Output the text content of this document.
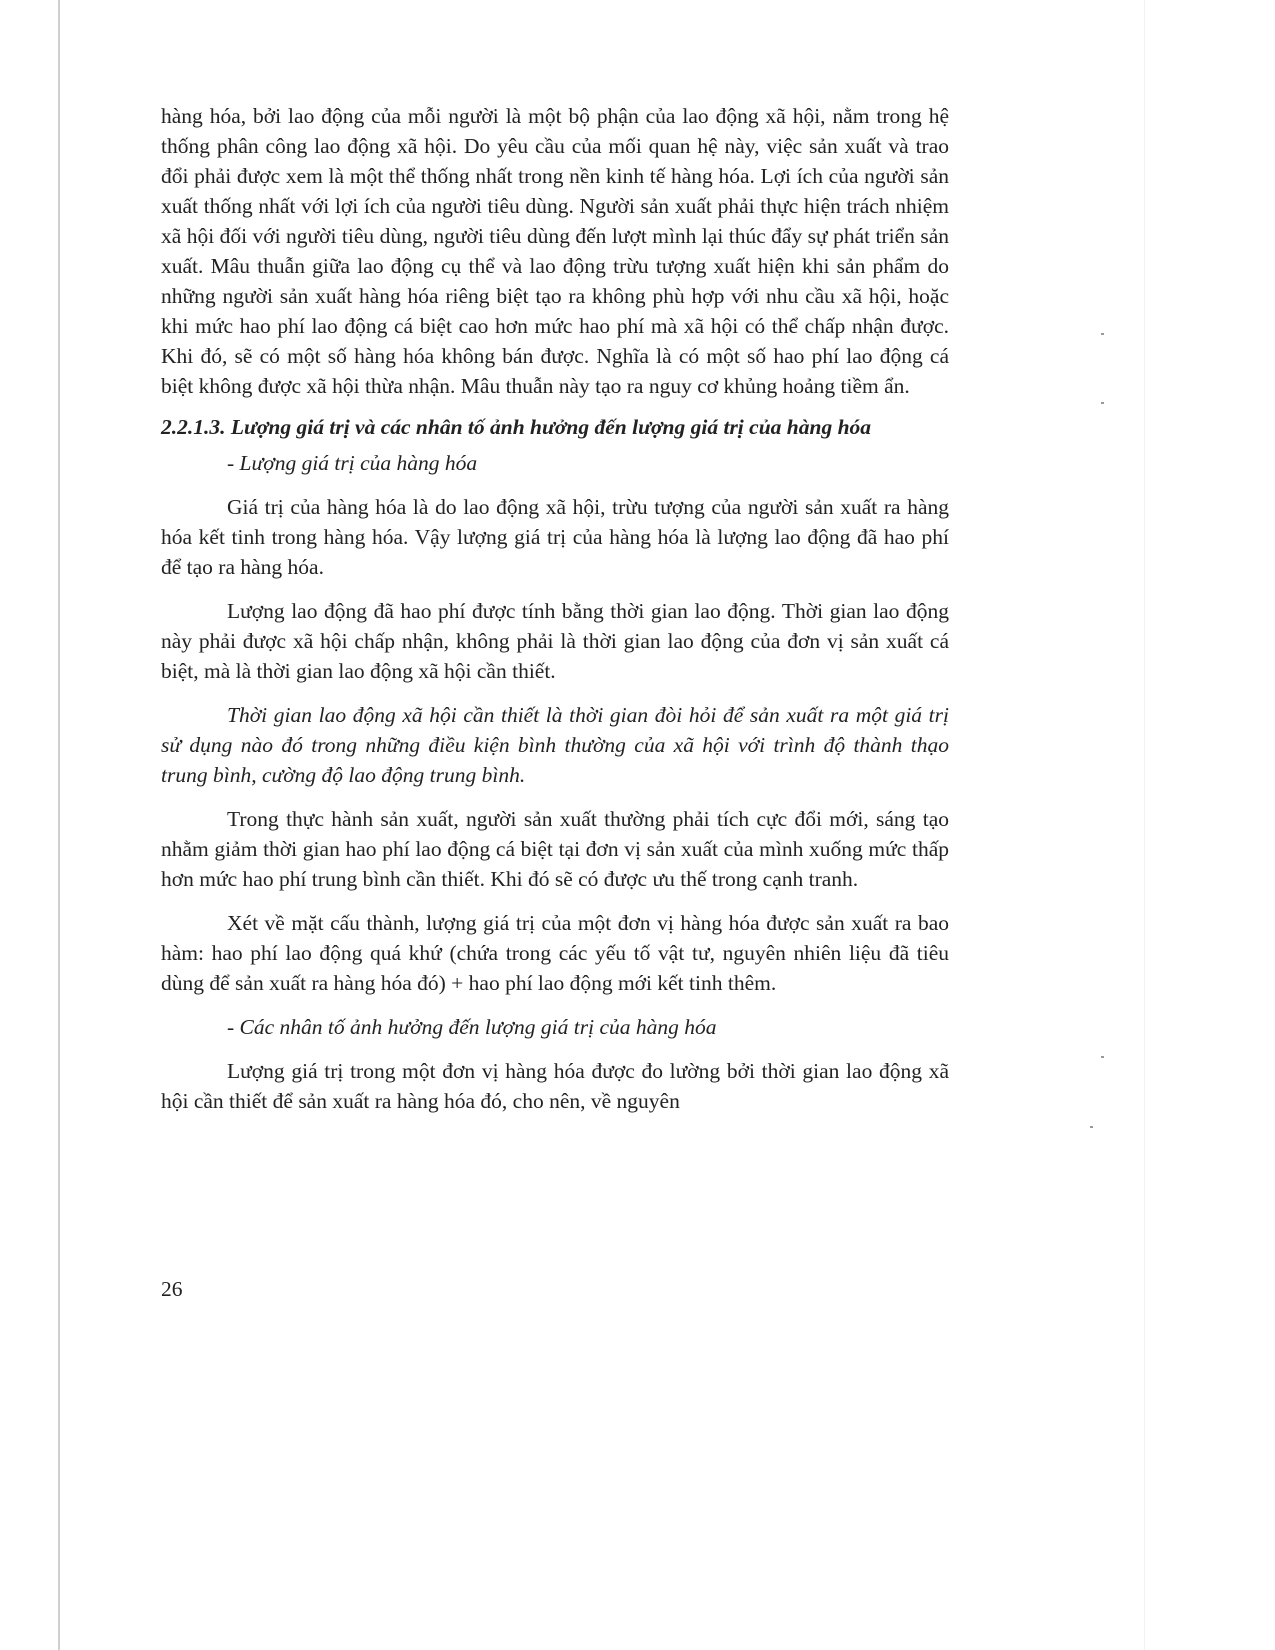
hàng hóa, bởi lao động của mỗi người là một bộ phận của lao động xã hội, nằm trong hệ thống phân công lao động xã hội. Do yêu cầu của mối quan hệ này, việc sản xuất và trao đổi phải được xem là một thể thống nhất trong nền kinh tế hàng hóa. Lợi ích của người sản xuất thống nhất với lợi ích của người tiêu dùng. Người sản xuất phải thực hiện trách nhiệm xã hội đối với người tiêu dùng, người tiêu dùng đến lượt mình lại thúc đẩy sự phát triển sản xuất. Mâu thuẫn giữa lao động cụ thể và lao động trừu tượng xuất hiện khi sản phẩm do những người sản xuất hàng hóa riêng biệt tạo ra không phù hợp với nhu cầu xã hội, hoặc khi mức hao phí lao động cá biệt cao hơn mức hao phí mà xã hội có thể chấp nhận được. Khi đó, sẽ có một số hàng hóa không bán được. Nghĩa là có một số hao phí lao động cá biệt không được xã hội thừa nhận. Mâu thuẫn này tạo ra nguy cơ khủng hoảng tiềm ẩn.

2.2.1.3. Lượng giá trị và các nhân tố ảnh hưởng đến lượng giá trị của hàng hóa

- Lượng giá trị của hàng hóa

Giá trị của hàng hóa là do lao động xã hội, trừu tượng của người sản xuất ra hàng hóa kết tinh trong hàng hóa. Vậy lượng giá trị của hàng hóa là lượng lao động đã hao phí để tạo ra hàng hóa.

Lượng lao động đã hao phí được tính bằng thời gian lao động. Thời gian lao động này phải được xã hội chấp nhận, không phải là thời gian lao động của đơn vị sản xuất cá biệt, mà là thời gian lao động xã hội cần thiết.

Thời gian lao động xã hội cần thiết là thời gian đòi hỏi để sản xuất ra một giá trị sử dụng nào đó trong những điều kiện bình thường của xã hội với trình độ thành thạo trung bình, cường độ lao động trung bình.

Trong thực hành sản xuất, người sản xuất thường phải tích cực đổi mới, sáng tạo nhằm giảm thời gian hao phí lao động cá biệt tại đơn vị sản xuất của mình xuống mức thấp hơn mức hao phí trung bình cần thiết. Khi đó sẽ có được ưu thế trong cạnh tranh.

Xét về mặt cấu thành, lượng giá trị của một đơn vị hàng hóa được sản xuất ra bao hàm: hao phí lao động quá khứ (chứa trong các yếu tố vật tư, nguyên nhiên liệu đã tiêu dùng để sản xuất ra hàng hóa đó) + hao phí lao động mới kết tinh thêm.

- Các nhân tố ảnh hưởng đến lượng giá trị của hàng hóa

Lượng giá trị trong một đơn vị hàng hóa được đo lường bởi thời gian lao động xã hội cần thiết để sản xuất ra hàng hóa đó, cho nên, về nguyên

26
